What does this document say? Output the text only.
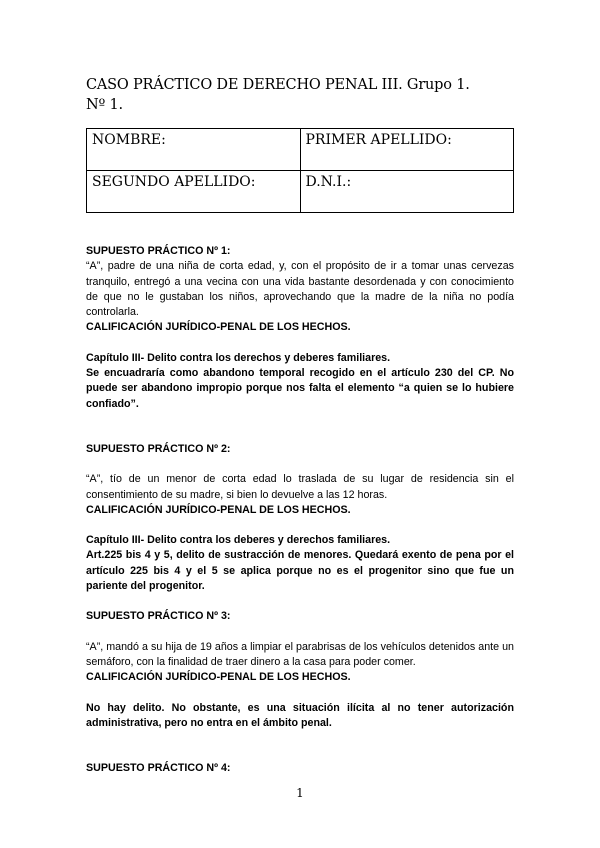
CASO PRÁCTICO DE DERECHO PENAL III. Grupo 1.
Nº 1.
NOMBRE:	PRIMER APELLIDO:
SEGUNDO APELLIDO:	D.N.I.:

SUPUESTO PRÁCTICO Nº 1:

“A”, padre de una niña de corta edad, y, con el propósito de ir a tomar unas cervezas tranquilo, entregó a una vecina con una vida bastante desordenada y con conocimiento de que no le gustaban los niños, aprovechando que la madre de la niña no podía controlarla.

CALIFICACIÓN JURÍDICO-PENAL DE LOS HECHOS.

Capítulo III- Delito contra los derechos y deberes familiares.

Se encuadraría como abandono temporal recogido en el artículo 230 del CP. No puede ser abandono impropio porque nos falta el elemento “a quien se lo hubiere confiado”.

SUPUESTO PRÁCTICO Nº 2:

“A”, tío de un menor de corta edad lo traslada de su lugar de residencia sin el consentimiento de su madre, si bien lo devuelve a las 12 horas.

CALIFICACIÓN JURÍDICO-PENAL DE LOS HECHOS.

Capítulo III- Delito contra los deberes y derechos familiares.

Art.225 bis 4 y 5, delito de sustracción de menores. Quedará exento de pena por el artículo 225 bis 4 y el 5 se aplica porque no es el progenitor sino que fue un pariente del progenitor.

SUPUESTO PRÁCTICO Nº 3:

“A”, mandó a su hija de 19 años a limpiar el parabrisas de los vehículos detenidos ante un semáforo, con la finalidad de traer dinero a la casa para poder comer.

CALIFICACIÓN JURÍDICO-PENAL DE LOS HECHOS.

No hay delito. No obstante, es una situación ilícita al no tener autorización administrativa, pero no entra en el ámbito penal.

SUPUESTO PRÁCTICO Nº 4:

1
